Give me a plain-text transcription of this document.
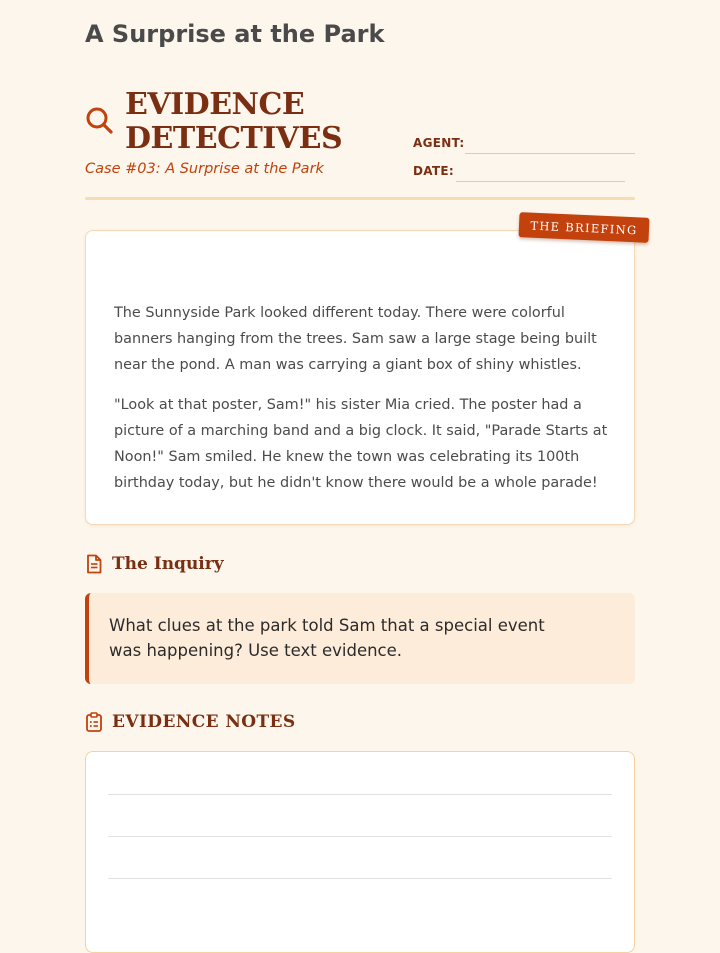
EVIDENCE DETECTIVES
Case #03: A Surprise at the Park
AGENT:
DATE:
THE BRIEFING
A Surprise at the Park

The Sunnyside Park looked different today. There were colorful banners hanging from the trees. Sam saw a large stage being built near the pond. A man was carrying a giant box of shiny whistles.

"Look at that poster, Sam!" his sister Mia cried. The poster had a picture of a marching band and a big clock. It said, "Parade Starts at Noon!" Sam smiled. He knew the town was celebrating its 100th birthday today, but he didn't know there would be a whole parade!

The Inquiry
What clues at the park told Sam that a special event was happening? Use text evidence.
EVIDENCE NOTES
